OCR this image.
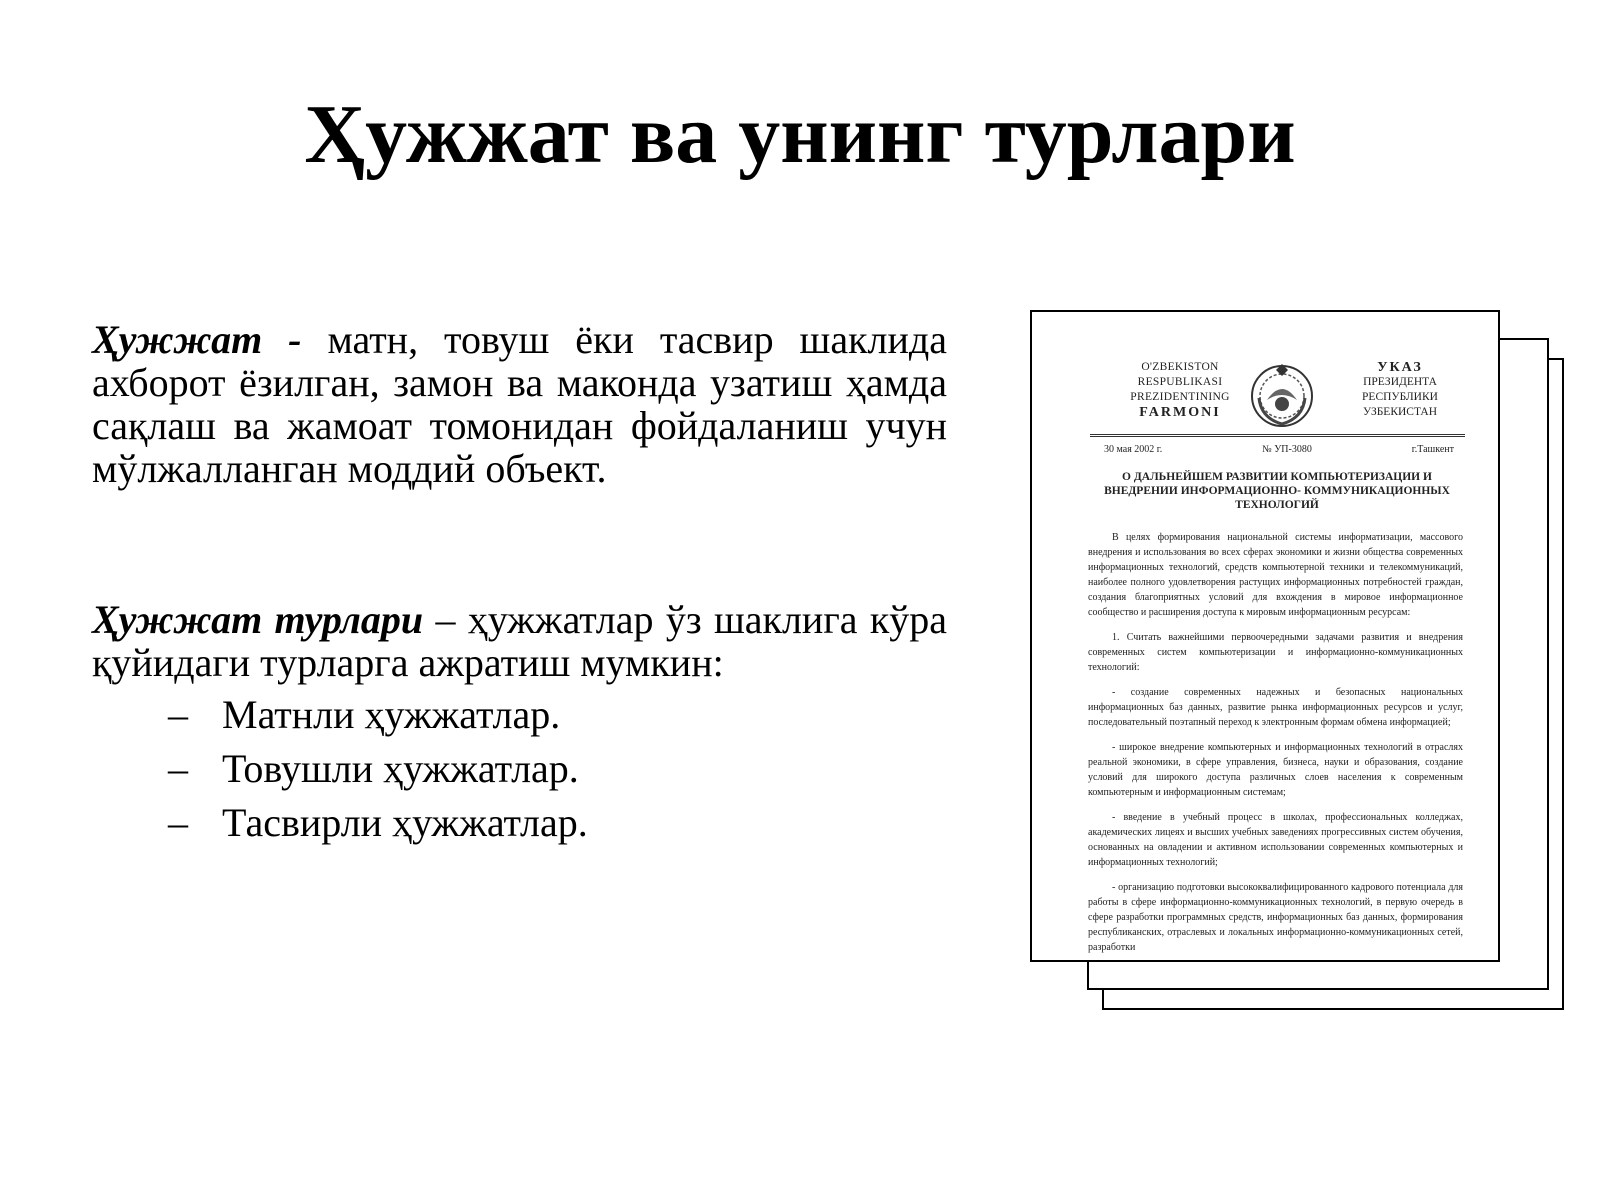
Ҳужжат ва унинг турлари
Ҳужжат - матн, товуш ёки тасвир шаклида ахборот ёзилган, замон ва маконда узатиш ҳамда сақлаш ва жамоат томонидан фойдаланиш учун мўлжалланган моддий объект.
Ҳужжат турлари – ҳужжатлар ўз шаклига кўра қуйидаги турларга ажратиш мумкин:
– Матнли ҳужжатлар.
– Товушли ҳужжатлар.
– Тасвирли ҳужжатлар.
O'ZBEKISTON
RESPUBLIKASI
PREZIDENTINING
FARMONI
УКАЗ
ПРЕЗИДЕНТА
РЕСПУБЛИКИ
УЗБЕКИСТАН
30 мая 2002 г.	№ УП-3080	г.Ташкент
О ДАЛЬНЕЙШЕМ РАЗВИТИИ КОМПЬЮТЕРИЗАЦИИ И ВНЕДРЕНИИ ИНФОРМАЦИОННО- КОММУНИКАЦИОННЫХ ТЕХНОЛОГИЙ

В целях формирования национальной системы информатизации, массового внедрения и использования во всех сферах экономики и жизни общества современных информационных технологий, средств компьютерной техники и телекоммуникаций, наиболее полного удовлетворения растущих информационных потребностей граждан, создания благоприятных условий для вхождения в мировое информационное сообщество и расширения доступа к мировым информационным ресурсам:

1. Считать важнейшими первоочередными задачами развития и внедрения современных систем компьютеризации и информационно-коммуникационных технологий:

- создание современных надежных и безопасных национальных информационных баз данных, развитие рынка информационных ресурсов и услуг, последовательный поэтапный переход к электронным формам обмена информацией;

- широкое внедрение компьютерных и информационных технологий в отраслях реальной экономики, в сфере управления, бизнеса, науки и образования, создание условий для широкого доступа различных слоев населения к современным компьютерным и информационным системам;

- введение в учебный процесс в школах, профессиональных колледжах, академических лицеях и высших учебных заведениях прогрессивных систем обучения, основанных на овладении и активном использовании современных компьютерных и информационных технологий;

- организацию подготовки высококвалифицированного кадрового потенциала для работы в сфере информационно-коммуникационных технологий, в первую очередь в сфере разработки программных средств, информационных баз данных, формирования республиканских, отраслевых и локальных информационно-коммуникационных сетей, разработки
